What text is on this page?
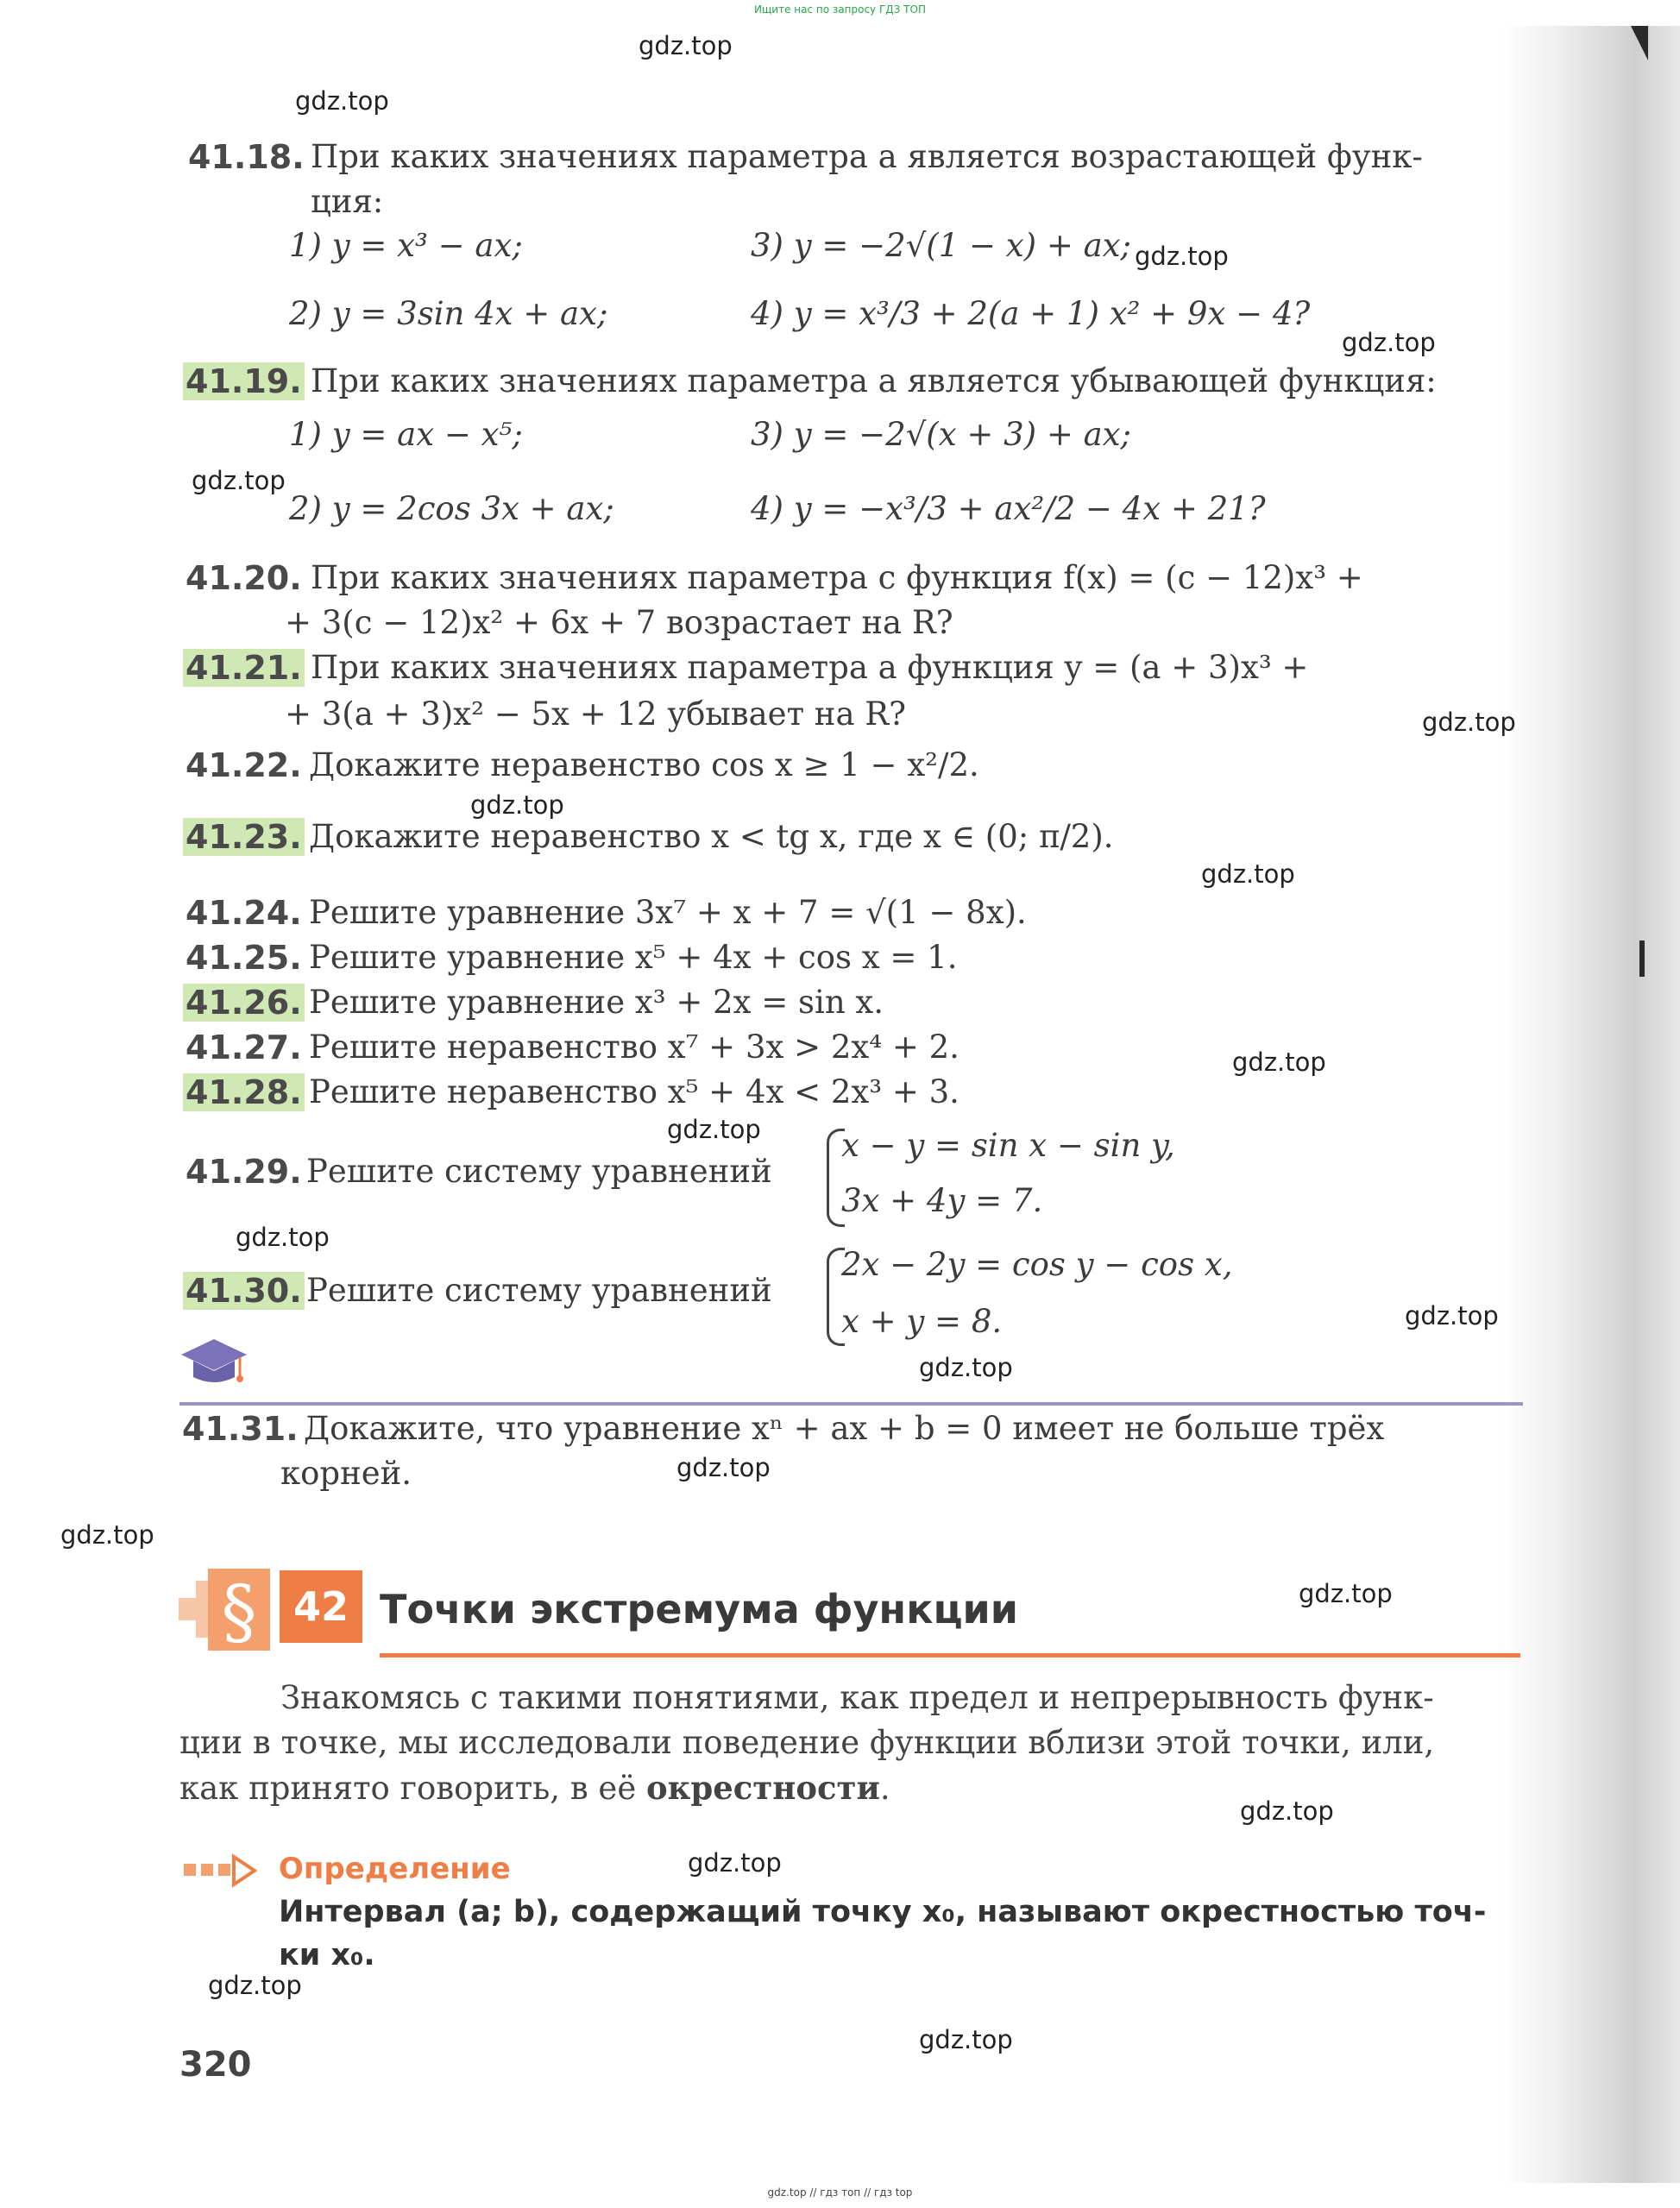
Ищите нас по запросу ГДЗ ТОП
gdz.top
gdz.top
gdz.top
gdz.top
gdz.top
gdz.top
gdz.top
gdz.top
gdz.top
gdz.top
gdz.top
gdz.top
gdz.top
gdz.top
gdz.top
gdz.top
gdz.top
gdz.top
gdz.top
gdz.top
41.18. При каких значениях параметра a является возрастающей функ-
ция:
1) y = x³ − ax;	3) y = −2√(1 − x) + ax;
2) y = 3sin 4x + ax;	4) y = x³/3 + 2(a + 1) x² + 9x − 4?
41.19. При каких значениях параметра a является убывающей функция:
1) y = ax − x⁵;	3) y = −2√(x + 3) + ax;
2) y = 2cos 3x + ax;	4) y = −x³/3 + ax²/2 − 4x + 21?
41.20. При каких значениях параметра c функция f(x) = (c − 12)x³ +
+ 3(c − 12)x² + 6x + 7 возрастает на R?
41.21. При каких значениях параметра a функция y = (a + 3)x³ +
+ 3(a + 3)x² − 5x + 12 убывает на R?
41.22. Докажите неравенство cos x ≥ 1 − x²/2.
41.23. Докажите неравенство x < tg x, где x ∈ (0; π/2).
41.24. Решите уравнение 3x⁷ + x + 7 = √(1 − 8x).
41.25. Решите уравнение x⁵ + 4x + cos x = 1.
41.26. Решите уравнение x³ + 2x = sin x.
41.27. Решите неравенство x⁷ + 3x > 2x⁴ + 2.
41.28. Решите неравенство x⁵ + 4x < 2x³ + 3.
41.29. Решите систему уравнений
x − y = sin x − sin y,
3x + 4y = 7.
41.30. Решите систему уравнений
2x − 2y = cos y − cos x,
x + y = 8.
41.31. Докажите, что уравнение xⁿ + ax + b = 0 имеет не больше трёх
корней.
§ 42 Точки экстремума функции
Знакомясь с такими понятиями, как предел и непрерывность функ-
ции в точке, мы исследовали поведение функции вблизи этой точки, или,
как принято говорить, в её окрестности.
Определение
Интервал (a; b), содержащий точку x₀, называют окрестностью точ-
ки x₀.
320
gdz.top // гдз топ // гдз top
